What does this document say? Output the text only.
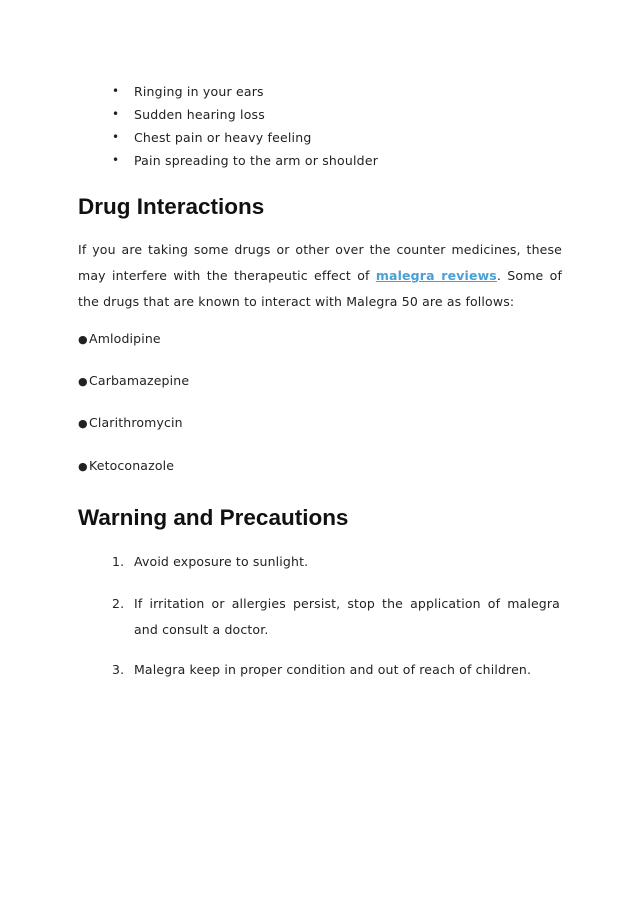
• Ringing in your ears
• Sudden hearing loss
• Chest pain or heavy feeling
• Pain spreading to the arm or shoulder
Drug Interactions

If you are taking some drugs or other over the counter medicines, these may interfere with the therapeutic effect of malegra reviews. Some of the drugs that are known to interact with Malegra 50 are as follows:

●Amlodipine
●Carbamazepine
●Clarithromycin
●Ketoconazole
Warning and Precautions
1. Avoid exposure to sunlight.
2. If irritation or allergies persist, stop the application of malegra and consult a doctor.
3. Malegra keep in proper condition and out of reach of children.
